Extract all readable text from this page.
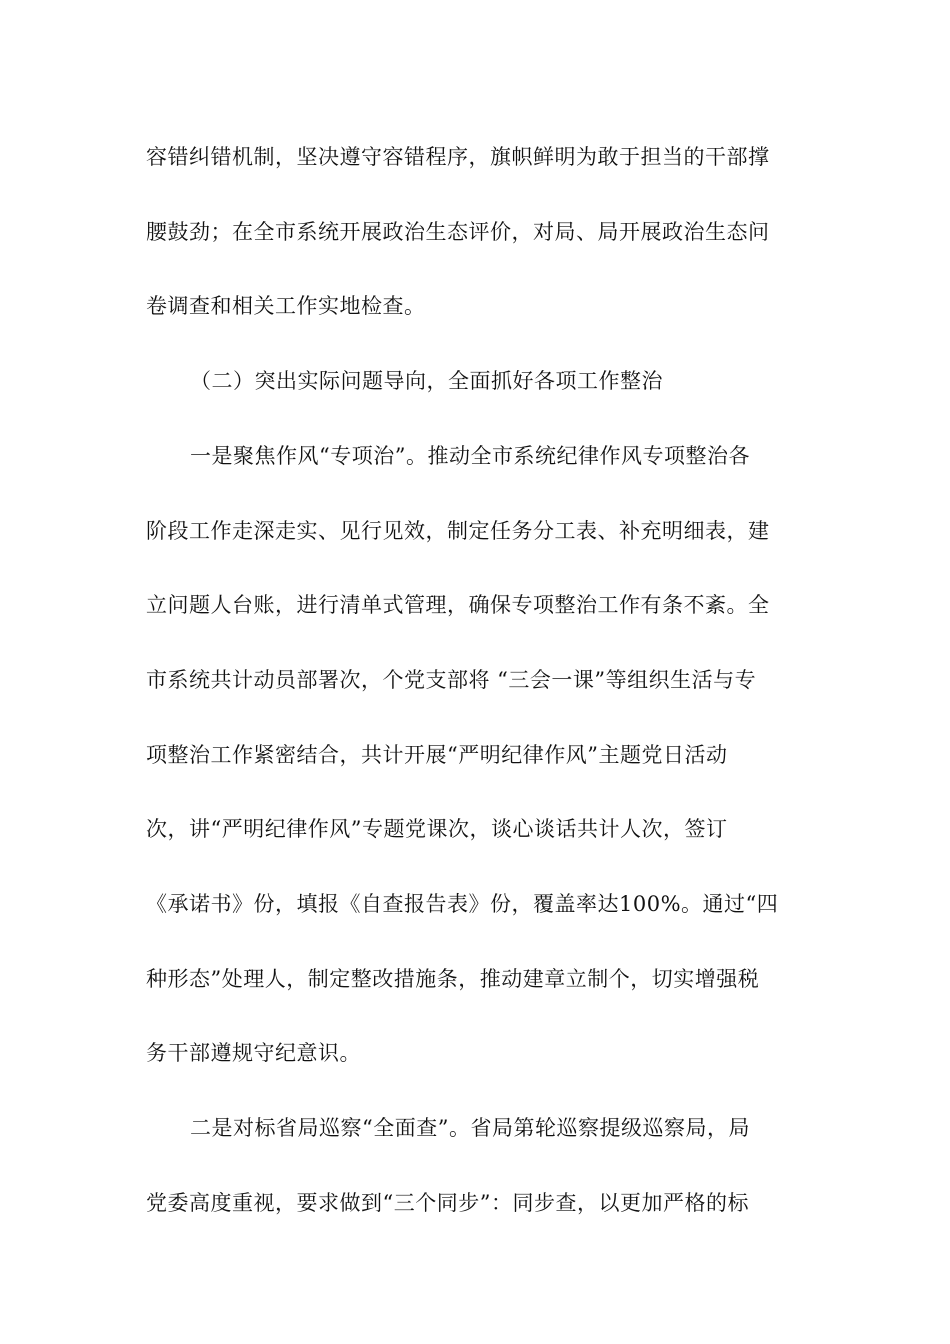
容错纠错机制，坚决遵守容错程序，旗帜鲜明为敢于担当的干部撑

腰鼓劲；在全市系统开展政治生态评价，对局、局开展政治生态问

卷调查和相关工作实地检查。

（二）突出实际问题导向，全面抓好各项工作整治

一是聚焦作风“专项治”。推动全市系统纪律作风专项整治各

阶段工作走深走实、见行见效，制定任务分工表、补充明细表，建

立问题人台账，进行清单式管理，确保专项整治工作有条不紊。全

市系统共计动员部署次，个党支部将 “三会一课”等组织生活与专

项整治工作紧密结合，共计开展“严明纪律作风”主题党日活动

次，讲“严明纪律作风”专题党课次，谈心谈话共计人次，签订

《承诺书》份，填报《自查报告表》份，覆盖率达100%。通过“四

种形态”处理人，制定整改措施条，推动建章立制个，切实增强税

务干部遵规守纪意识。

二是对标省局巡察“全面查”。省局第轮巡察提级巡察局，局

党委高度重视，要求做到“三个同步”：同步查，以更加严格的标
